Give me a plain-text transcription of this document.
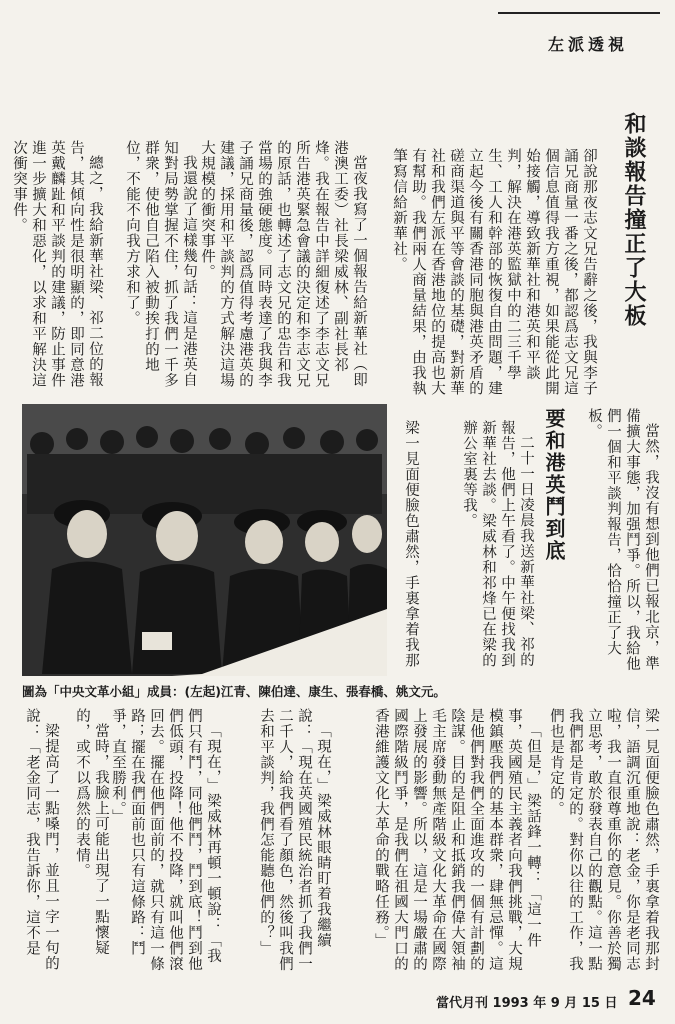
左派透視
和談報告撞正了大板
卻說那夜志文兄告辭之後，我與李子誦兄商量一番之後，都認爲志文兄這個信息值得我方重視，如果能從此開始接觸，導致新華社和港英和平談判，解決在港英監獄中的二三千學生、工人和幹部的恢復自由問題，建立起今後有關香港同胞與港英矛盾的磋商渠道與平等會談的基礎，對新華社和我們左派在香港地位的提高也大有幫助。我們兩人商量結果，由我執筆寫信給新華社。
當夜我寫了一個報告給新華社（即港澳工委）社長梁威林、副社長祁烽。我在報告中詳細復述了李志文兄所告港英緊急會議的決定和李志文兄的原話，也轉述了志文兄的忠告和我當場的強硬態度。同時表達了我與李子誦兄商量後，認爲值得考慮港英的建議，採用和平談判的方式解決這場大規模的衝突事件。
我還說了這樣幾句話：這是港英自知對局勢掌握不住，抓了我們一千多群衆，使他自己陷入被動挨打的地位，不能不向我方求和了。
總之，我給新華社梁、祁二位的報告，其傾向性是很明顯的，即同意港英戴麟趾和平談判的建議，防止事件進一步擴大和惡化，以求和平解決這次衝突事件。
當然，我沒有想到他們已報北京，準備擴大事態，加强鬥爭。所以，我給他們一個和平談判報告，恰恰撞正了大板。
要和港英鬥到底
二十一日凌晨我送新華社梁、祁的報告，他們上午看了。中午便找我到新華社去談。梁威林和祁烽已在梁的辦公室裏等我。
梁一見面便臉色肅然，手裏拿着我那
梁一見面便臉色肅然，手裏拿着我那封信，語調沉重地說：老金，你是老同志啦，我一直很尊重你的意見。你善於獨立思考，敢於發表自己的觀點。這一點我們都是肯定的。對你以往的工作，我們也是肯定的。
「但是，」梁話鋒一轉：「這一件事，英國殖民主義者向我們挑戰，大規模鎮壓我們的基本群衆，肆無忌憚。這是他們對我們全面進攻的一個有計劃的陰謀。目的是阻止和抵銷我們偉大領袖毛主席發動無產階級文化大革命在國際上發展的影響。所以，這是一場嚴肅的國際階級鬥爭，是我們在祖國大門口的香港維護文化大革命的戰略任務。」
「現在，」梁威林眼睛盯着我繼續說：「現在英國殖民統治者抓了我們一二千人，給我們看了顏色，然後叫我們去和平談判，我們怎能聽他們的？」
「現在，」梁威林再頓一頓說：「我們只有鬥，同他們鬥，鬥到底！鬥到他們低頭，投降！他不投降，就叫他們滾回去。擺在他們面前的，就只有這一條路；擺在我們面前也只有這條路：鬥爭，直至勝利。」
當時，我臉上可能出現了一點懷疑的，或不以爲然的表情。
梁提高了一點嗓門，並且一字一句的說：「老金同志，我告訴你，這不是
圖為「中央文革小組」成員：(左起)江青、陳伯達、康生、張春橋、姚文元。
當代月刊 1993 年 9 月 15 日 24
